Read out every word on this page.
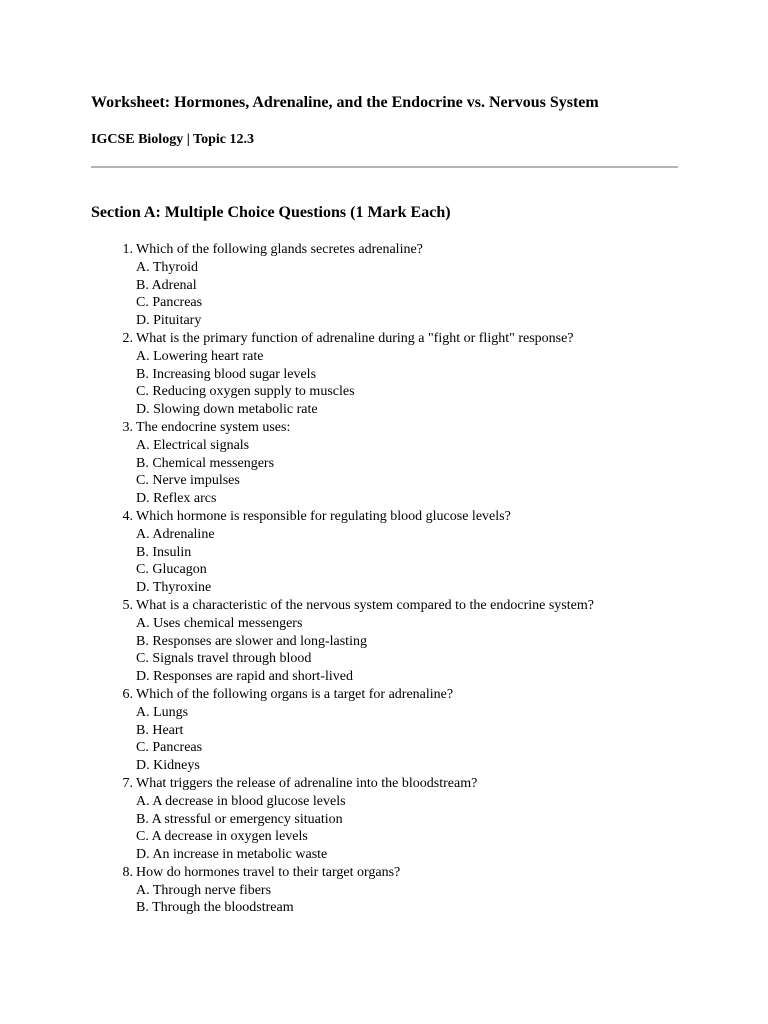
Worksheet: Hormones, Adrenaline, and the Endocrine vs. Nervous System
IGCSE Biology | Topic 12.3
Section A: Multiple Choice Questions (1 Mark Each)
1. Which of the following glands secretes adrenaline?
A. Thyroid
B. Adrenal
C. Pancreas
D. Pituitary
2. What is the primary function of adrenaline during a "fight or flight" response?
A. Lowering heart rate
B. Increasing blood sugar levels
C. Reducing oxygen supply to muscles
D. Slowing down metabolic rate
3. The endocrine system uses:
A. Electrical signals
B. Chemical messengers
C. Nerve impulses
D. Reflex arcs
4. Which hormone is responsible for regulating blood glucose levels?
A. Adrenaline
B. Insulin
C. Glucagon
D. Thyroxine
5. What is a characteristic of the nervous system compared to the endocrine system?
A. Uses chemical messengers
B. Responses are slower and long-lasting
C. Signals travel through blood
D. Responses are rapid and short-lived
6. Which of the following organs is a target for adrenaline?
A. Lungs
B. Heart
C. Pancreas
D. Kidneys
7. What triggers the release of adrenaline into the bloodstream?
A. A decrease in blood glucose levels
B. A stressful or emergency situation
C. A decrease in oxygen levels
D. An increase in metabolic waste
8. How do hormones travel to their target organs?
A. Through nerve fibers
B. Through the bloodstream
